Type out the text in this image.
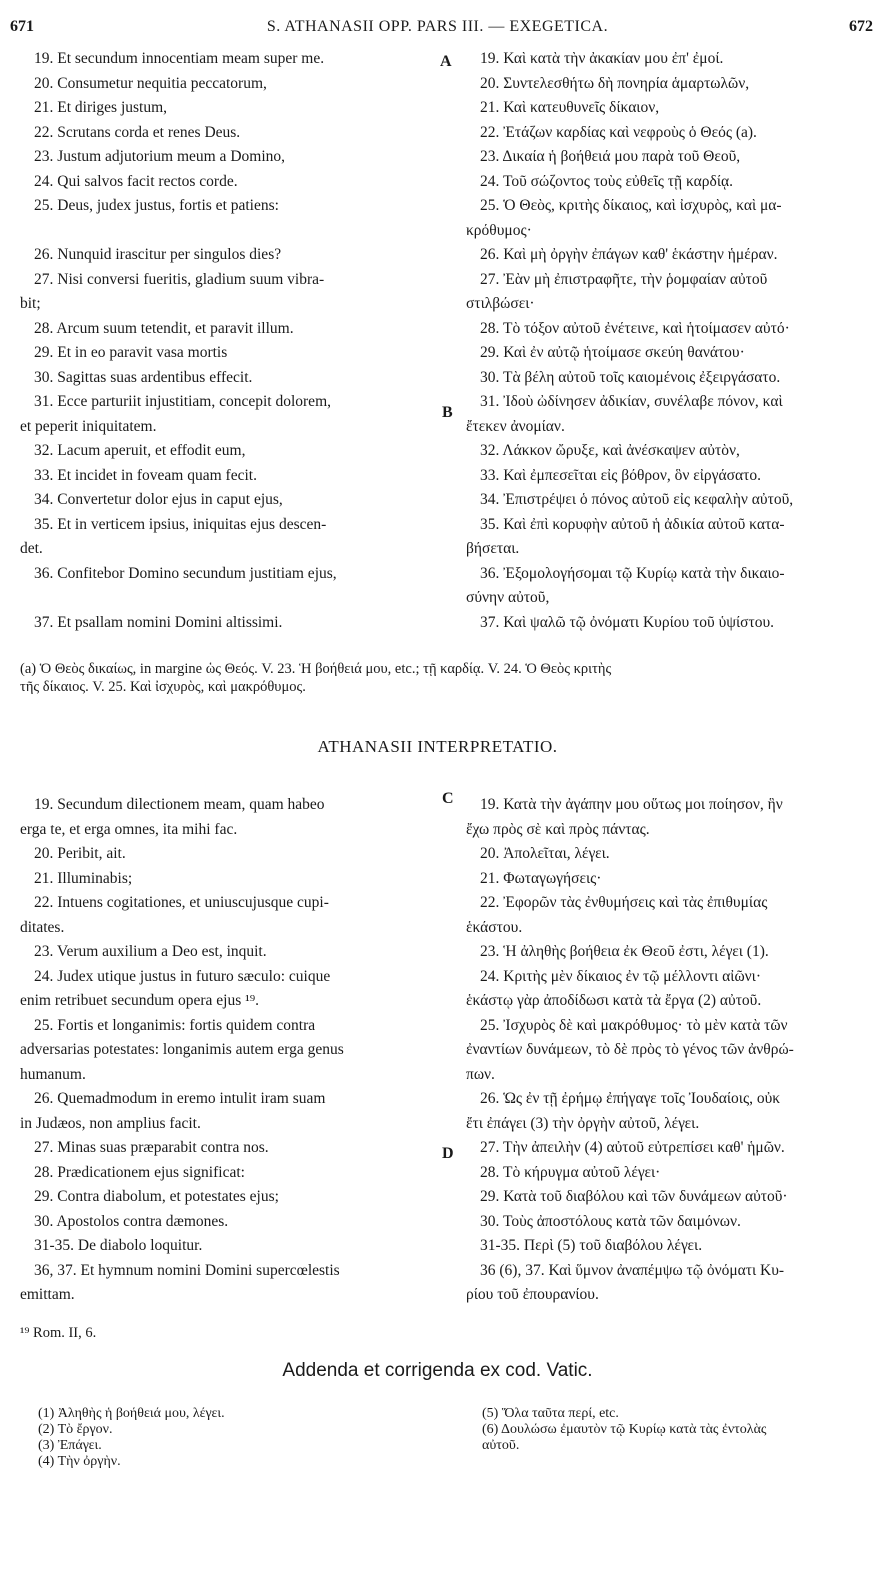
671	S. ATHANASII OPP. PARS III. — EXEGETICA.	672
19. Et secundum innocentiam meam super me.
20. Consumetur nequitia peccatorum,
21. Et diriges justum,
22. Scrutans corda et renes Deus.
23. Justum adjutorium meum a Domino,
24. Qui salvos facit rectos corde.
25. Deus, judex justus, fortis et patiens:
26. Nunquid irascitur per singulos dies?
27. Nisi conversi fueritis, gladium suum vibra-
bit;
28. Arcum suum tetendit, et paravit illum.
29. Et in eo paravit vasa mortis
30. Sagittas suas ardentibus effecit.
31. Ecce parturiit injustitiam, concepit dolorem,
et peperit iniquitatem.
32. Lacum aperuit, et effodit eum,
33. Et incidet in foveam quam fecit.
34. Convertetur dolor ejus in caput ejus,
35. Et in verticem ipsius, iniquitas ejus descen-
det.
36. Confitebor Domino secundum justitiam ejus,
37. Et psallam nomini Domini altissimi.
19. Καὶ κατὰ τὴν ἀκακίαν μου ἐπ' ἐμοί.
20. Συντελεσθήτω δὴ πονηρία ἁμαρτωλῶν,
21. Καὶ κατευθυνεῖς δίκαιον,
22. Ἐτάζων καρδίας καὶ νεφροὺς ὁ Θεός (a).
23. Δικαία ἡ βοήθειά μου παρὰ τοῦ Θεοῦ,
24. Τοῦ σώζοντος τοὺς εὐθεῖς τῇ καρδίᾳ.
25. Ὁ Θεὸς, κριτὴς δίκαιος, καὶ ἰσχυρὸς, καὶ μα-
κρόθυμος·
26. Καὶ μὴ ὀργὴν ἐπάγων καθ' ἑκάστην ἡμέραν.
27. Ἐὰν μὴ ἐπιστραφῆτε, τὴν ῥομφαίαν αὐτοῦ
στιλβώσει·
28. Τὸ τόξον αὐτοῦ ἐνέτεινε, καὶ ἡτοίμασεν αὐτό·
29. Καὶ ἐν αὐτῷ ἡτοίμασε σκεύη θανάτου·
30. Τὰ βέλη αὐτοῦ τοῖς καιομένοις ἐξειργάσατο.
31. Ἰδοὺ ὠδίνησεν ἀδικίαν, συνέλαβε πόνον, καὶ
ἔτεκεν ἀνομίαν.
32. Λάκκον ὤρυξε, καὶ ἀνέσκαψεν αὐτὸν,
33. Καὶ ἐμπεσεῖται εἰς βόθρον, ὃν εἰργάσατο.
34. Ἐπιστρέψει ὁ πόνος αὐτοῦ εἰς κεφαλὴν αὐτοῦ,
35. Καὶ ἐπὶ κορυφὴν αὐτοῦ ἡ ἀδικία αὐτοῦ κατα-
βήσεται.
36. Ἐξομολογήσομαι τῷ Κυρίῳ κατὰ τὴν δικαιο-
σύνην αὐτοῦ,
37. Καὶ ψαλῶ τῷ ὀνόματι Κυρίου τοῦ ὑψίστου.
A
B
(a) Ὁ Θεὸς δικαίως, in margine ὡς Θεός. V. 23. Ἡ βοήθειά μου, etc.; τῇ καρδίᾳ. V. 24. Ὁ Θεὸς κριτὴς
τῆς δίκαιος. V. 25. Καὶ ἰσχυρὸς, καὶ μακρόθυμος.
ATHANASII INTERPRETATIO.
19. Secundum dilectionem meam, quam habeo
erga te, et erga omnes, ita mihi fac.
20. Peribit, ait.
21. Illuminabis;
22. Intuens cogitationes, et uniuscujusque cupi-
ditates.
23. Verum auxilium a Deo est, inquit.
24. Judex utique justus in futuro sæculo: cuique
enim retribuet secundum opera ejus ¹⁹.
25. Fortis et longanimis: fortis quidem contra
adversarias potestates: longanimis autem erga genus
humanum.
26. Quemadmodum in eremo intulit iram suam
in Judæos, non amplius facit.
27. Minas suas præparabit contra nos.
28. Prædicationem ejus significat:
29. Contra diabolum, et potestates ejus;
30. Apostolos contra dæmones.
31-35. De diabolo loquitur.
36, 37. Et hymnum nomini Domini supercœlestis
emittam.
19. Κατὰ τὴν ἀγάπην μου οὕτως μοι ποίησον, ἣν
ἔχω πρὸς σὲ καὶ πρὸς πάντας.
20. Ἀπολεῖται, λέγει.
21. Φωταγωγήσεις·
22. Ἐφορῶν τὰς ἐνθυμήσεις καὶ τὰς ἐπιθυμίας
ἑκάστου.
23. Ἡ ἀληθὴς βοήθεια ἐκ Θεοῦ ἐστι, λέγει (1).
24. Κριτὴς μὲν δίκαιος ἐν τῷ μέλλοντι αἰῶνι·
ἑκάστῳ γὰρ ἀποδίδωσι κατὰ τὰ ἔργα (2) αὐτοῦ.
25. Ἰσχυρὸς δὲ καὶ μακρόθυμος· τὸ μὲν κατὰ τῶν
ἐναντίων δυνάμεων, τὸ δὲ πρὸς τὸ γένος τῶν ἀνθρώ-
πων.
26. Ὡς ἐν τῇ ἐρήμῳ ἐπήγαγε τοῖς Ἰουδαίοις, οὐκ
ἔτι ἐπάγει (3) τὴν ὀργὴν αὐτοῦ, λέγει.
27. Τὴν ἀπειλὴν (4) αὐτοῦ εὐτρεπίσει καθ' ἡμῶν.
28. Τὸ κήρυγμα αὐτοῦ λέγει·
29. Κατὰ τοῦ διαβόλου καὶ τῶν δυνάμεων αὐτοῦ·
30. Τοὺς ἀποστόλους κατὰ τῶν δαιμόνων.
31-35. Περὶ (5) τοῦ διαβόλου λέγει.
36 (6), 37. Καὶ ὕμνον ἀναπέμψω τῷ ὀνόματι Κυ-
ρίου τοῦ ἐπουρανίου.
C
D
¹⁹ Rom. II, 6.
Addenda et corrigenda ex cod. Vatic.
(1) Ἀληθὴς ἡ βοήθειά μου, λέγει.
(2) Τὸ ἔργον.
(3) Ἐπάγει.
(4) Τὴν ὀργὴν.
(5) Ὅλα ταῦτα περί, etc.
(6) Δουλώσω ἐμαυτὸν τῷ Κυρίῳ κατὰ τὰς ἐντολὰς
αὐτοῦ.
